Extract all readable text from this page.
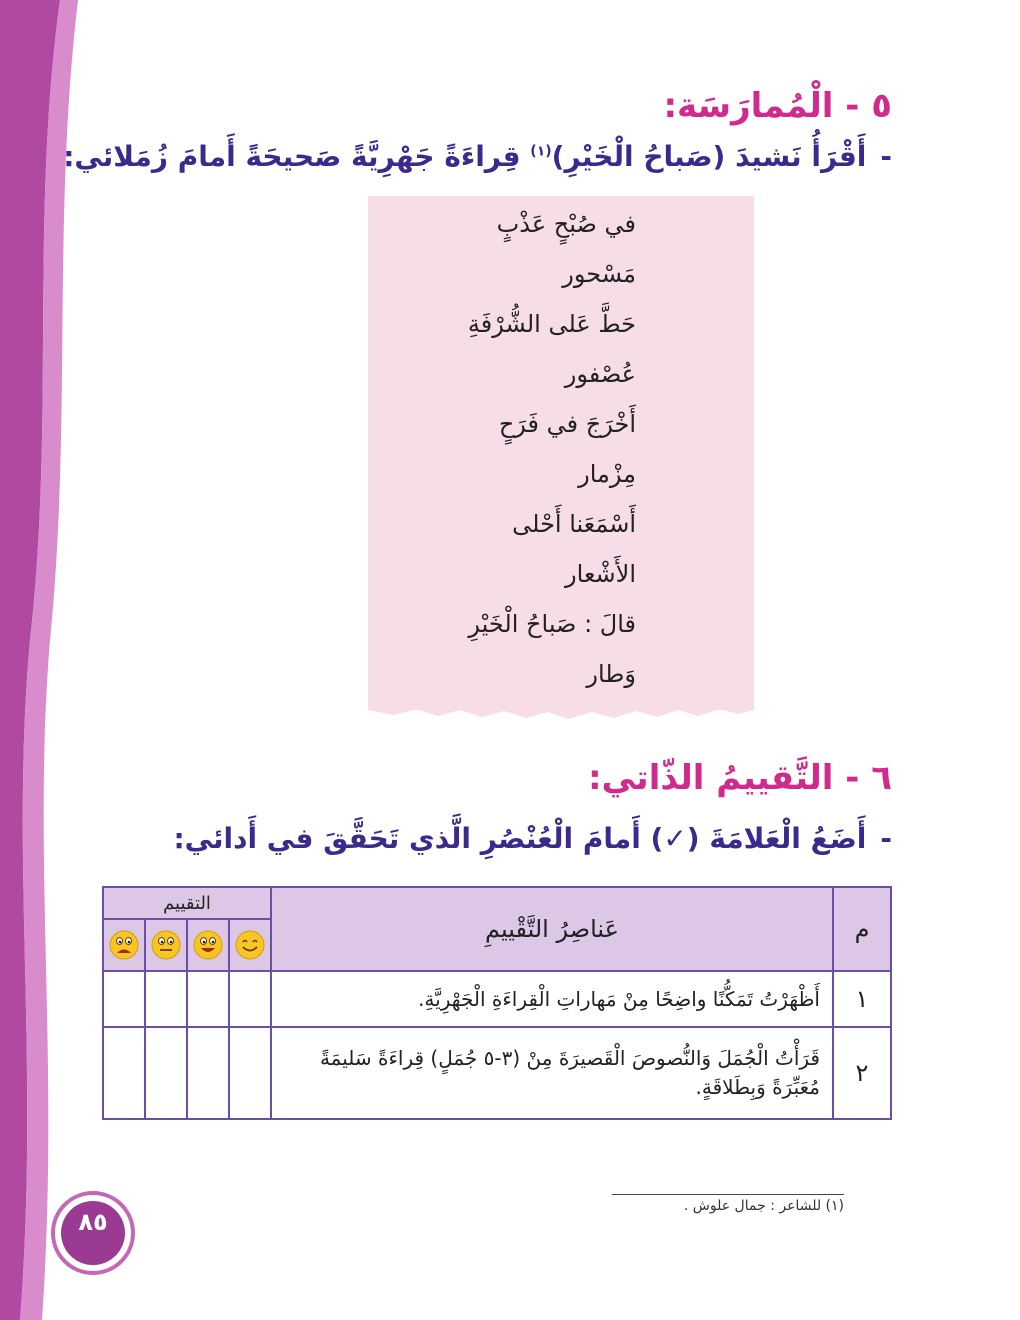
٥ - الْمُمارَسَة:
-أَقْرَأُ نَشيدَ (صَباحُ الْخَيْرِ)$^{(١)}$ قِراءَةً جَهْرِيَّةً صَحيحَةً أَمامَ زُمَلائي:
في صُبْحٍ عَذْبٍ
مَسْحور
حَطَّ عَلى الشُّرْفَةِ
عُصْفور
أَخْرَجَ في فَرَحٍ
مِزْمار
أَسْمَعَنا أَحْلى
الأَشْعار
قالَ : صَباحُ الْخَيْرِ
وَطار
٦ - التَّقييمُ الذّاتي:
-أَضَعُ الْعَلامَةَ (✓) أَمامَ الْعُنْصُرِ الَّذي تَحَقَّقَ في أَدائي:
م	عَناصِرُ التَّقْييمِ	التقييم			

١	أَظْهَرْتُ تَمَكُّنًا واضِحًا مِنْ مَهاراتِ الْقِراءَةِ الْجَهْرِيَّةِ.				
٢	قَرَأْتُ الْجُمَلَ وَالنُّصوصَ الْقَصيرَةَ مِنْ (٣-٥ جُمَلٍ) قِراءَةً سَليمَةً مُعَبِّرَةً وَبِطَلاقَةٍ.				
(١) للشاعر : جمال علوش .
٨٥
